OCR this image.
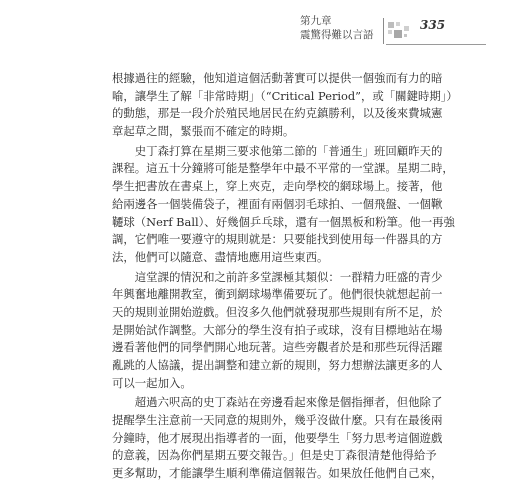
第九章
震驚得難以言語
335
根據過往的經驗，他知道這個活動著實可以提供一個強而有力的暗
喻，讓學生了解「非常時期」（“Critical Period”，或「關鍵時期」）
的動態，那是一段介於殖民地居民在約克鎮勝利，以及後來費城憲
章起草之間，緊張而不確定的時期。
　　史丁森打算在星期三要求他第二節的「普通生」班回顧昨天的
課程。這五十分鐘將可能是整學年中最不平常的一堂課。星期二時，
學生把書放在書桌上，穿上夾克，走向學校的網球場上。接著，他
給兩邊各一個裝備袋子，裡面有兩個羽毛球拍、一個飛盤、一個鞦
韆球（Nerf Ball）、好幾個乒乓球，還有一個黑板和粉筆。他一再強
調，它們唯一要遵守的規則就是：只要能找到使用每一件器具的方
法，他們可以隨意、盡情地應用這些東西。
　　這堂課的情況和之前許多堂課極其類似：一群精力旺盛的青少
年興奮地離開教室，衝到網球場準備要玩了。他們很快就想起前一
天的規則並開始遊戲。但沒多久他們就發現那些規則有所不足，於
是開始試作調整。大部分的學生沒有拍子或球，沒有目標地站在場
邊看著他們的同學們開心地玩著。這些旁觀者於是和那些玩得活躍
亂跳的人協議，提出調整和建立新的規則，努力想辦法讓更多的人
可以一起加入。
　　超過六呎高的史丁森站在旁邊看起來像是個指揮者，但他除了
提醒學生注意前一天同意的規則外，幾乎沒做什麼。只有在最後兩
分鐘時，他才展現出指導者的一面，他要學生「努力思考這個遊戲
的意義，因為你們星期五要交報告。」但是史丁森很清楚他得給予
更多幫助，才能讓學生順利準備這個報告。如果放任他們自己來，
